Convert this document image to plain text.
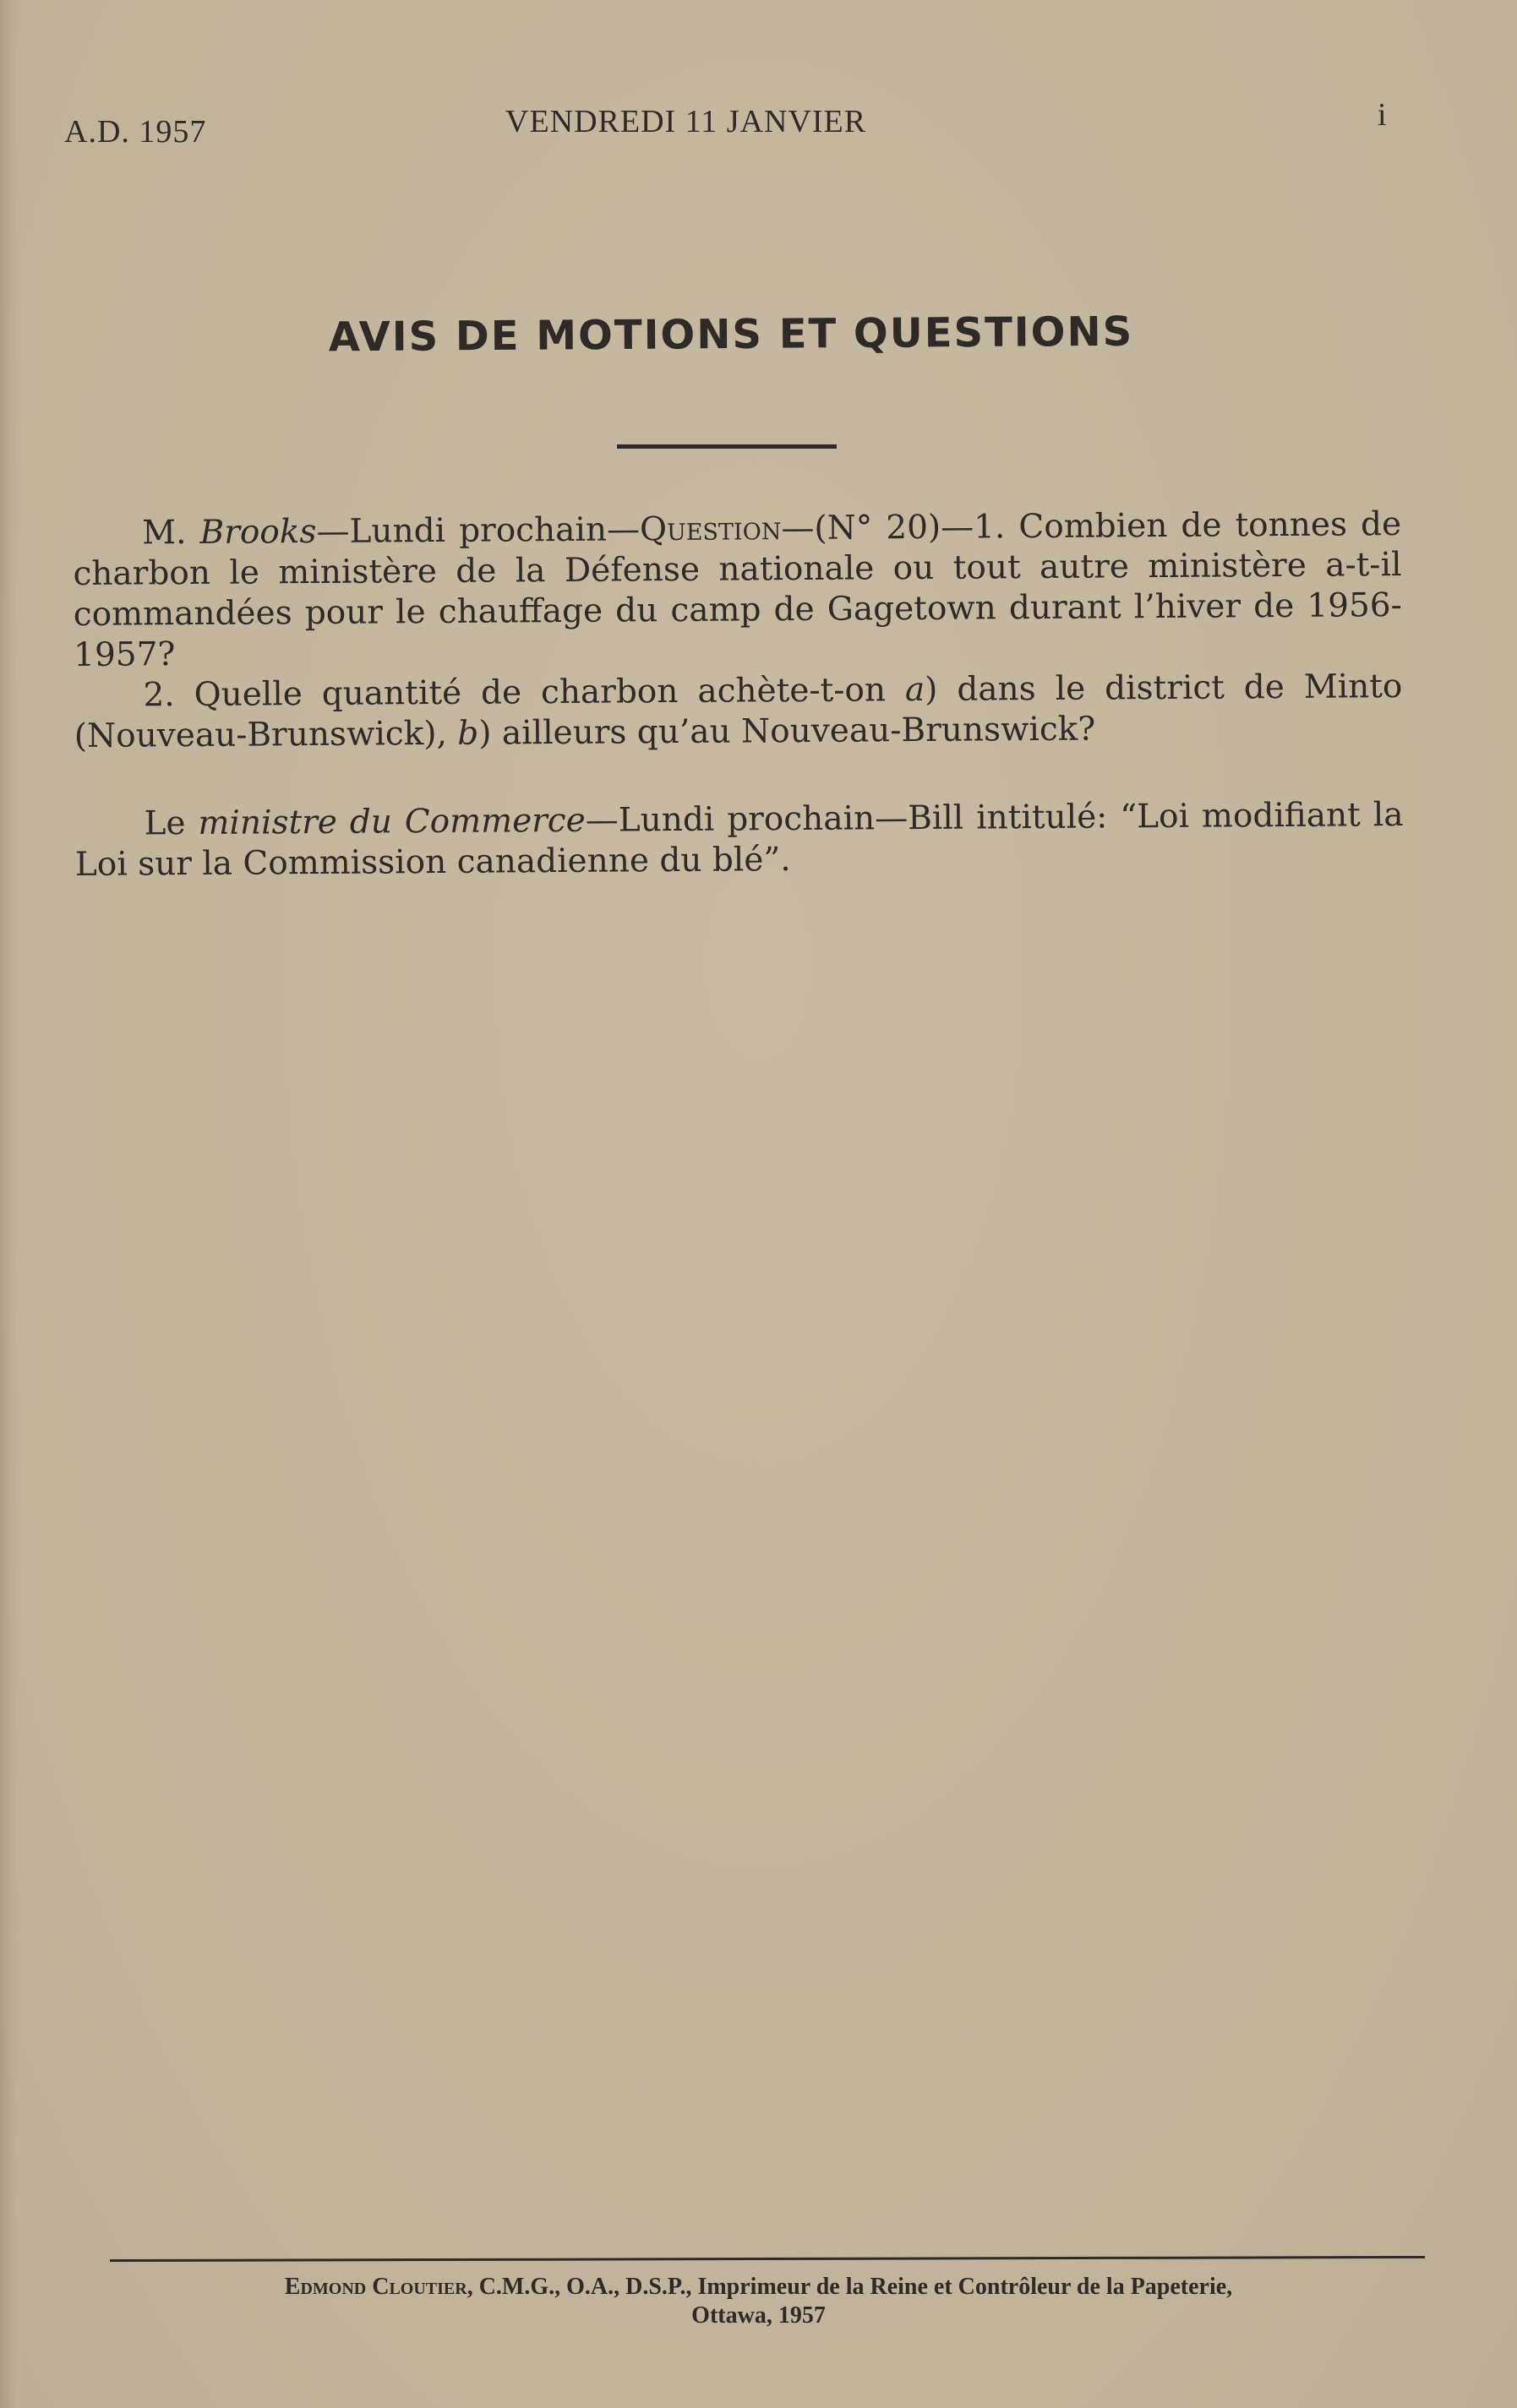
A.D. 1957	VENDREDI 11 JANVIER	i
AVIS DE MOTIONS ET QUESTIONS

M. Brooks—Lundi prochain—Question—(N° 20)—1. Combien de tonnes de charbon le ministère de la Défense nationale ou tout autre ministère a-t-il commandées pour le chauffage du camp de Gagetown durant l’hiver de 1956-1957?

2. Quelle quantité de charbon achète-t-on a) dans le district de Minto (Nouveau-Brunswick), b) ailleurs qu’au Nouveau-Brunswick?

Le ministre du Commerce—Lundi prochain—Bill intitulé: “Loi modifiant la Loi sur la Commission canadienne du blé”.

Edmond Cloutier, C.M.G., O.A., D.S.P., Imprimeur de la Reine et Contrôleur de la Papeterie,
Ottawa, 1957
